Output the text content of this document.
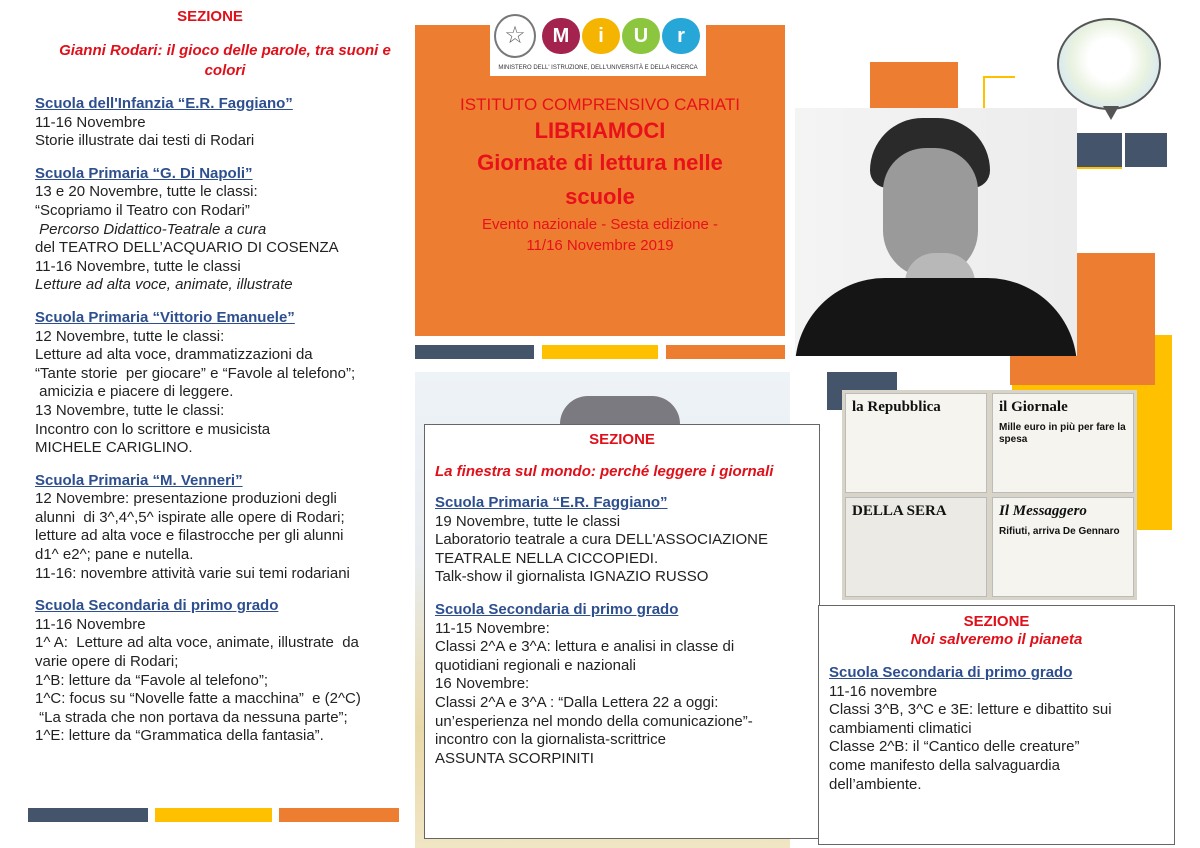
SEZIONE
Gianni Rodari: il gioco delle parole, tra suoni e
colori
Scuola dell'Infanzia “E.R. Faggiano”
11-16 Novembre
Storie illustrate dai testi di Rodari
Scuola Primaria “G. Di Napoli”
13 e 20 Novembre, tutte le classi:
“Scopriamo il Teatro con Rodari”
Percorso Didattico-Teatrale a cura
del TEATRO DELL’ACQUARIO DI COSENZA
11-16 Novembre, tutte le classi
Letture ad alta voce, animate, illustrate
Scuola Primaria “Vittorio Emanuele”
12 Novembre, tutte le classi:
Letture ad alta voce, drammatizzazioni da
“Tante storie  per giocare” e “Favole al telefono”;
amicizia e piacere di leggere.
13 Novembre, tutte le classi:
Incontro con lo scrittore e musicista
MICHELE CARIGLINO.
Scuola Primaria “M. Venneri”
12 Novembre: presentazione produzioni degli
alunni  di 3^,4^,5^ ispirate alle opere di Rodari;
letture ad alta voce e filastrocche per gli alunni
d1^ e2^; pane e nutella.
11-16: novembre attività varie sui temi rodariani
Scuola Secondaria di primo grado
11-16 Novembre
1^ A:  Letture ad alta voce, animate, illustrate  da
varie opere di Rodari;
1^B: letture da “Favole al telefono”;
1^C: focus su “Novelle fatte a macchina”  e (2^C)
“La strada che non portava da nessuna parte”;
1^E: letture da “Grammatica della fantasia”.
☆	M	i	U	r
MINISTERO DELL' ISTRUZIONE, DELL'UNIVERSITÀ E DELLA RICERCA
ISTITUTO COMPRENSIVO CARIATI
LIBRIAMOCI
Giornate di lettura nelle
scuole
Evento nazionale - Sesta edizione -
11/16 Novembre 2019
SEZIONE
La finestra sul mondo: perché leggere i giornali
Scuola Primaria “E.R. Faggiano”
19 Novembre, tutte le classi
Laboratorio teatrale a cura DELL'ASSOCIAZIONE
TEATRALE NELLA CICCOPIEDI.
Talk-show il giornalista IGNAZIO RUSSO
Scuola Secondaria di primo grado
11-15 Novembre:
Classi 2^A e 3^A: lettura e analisi in classe di
quotidiani regionali e nazionali
16 Novembre:
Classi 2^A e 3^A : “Dalla Lettera 22 a oggi:
un’esperienza nel mondo della comunicazione”-
incontro con la giornalista-scrittrice
ASSUNTA SCORPINITI
la Repubblica	il Giornale
Mille euro in più per fare la spesa
DELLA SERA	Il Messaggero
Rifiuti, arriva De Gennaro
SEZIONE
Noi salveremo il pianeta
Scuola Secondaria di primo grado
11-16 novembre
Classi 3^B, 3^C e 3E: letture e dibattito sui
cambiamenti climatici
Classe 2^B: il “Cantico delle creature”
come manifesto della salvaguardia
dell’ambiente.
